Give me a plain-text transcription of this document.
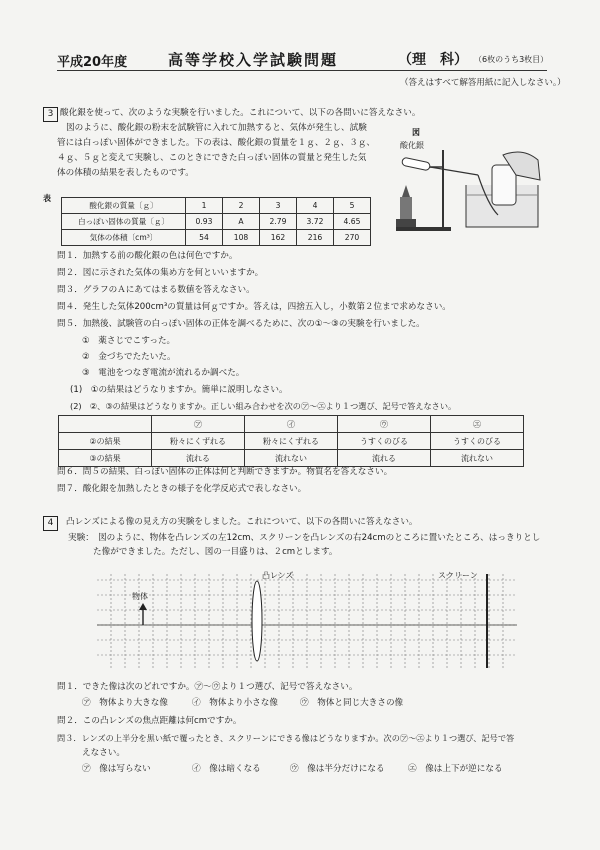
平成20年度	高等学校入学試験問題	（理　科） （6枚のうち3枚目）
（答えはすべて解答用紙に記入しなさい。）
3 酸化銀を使って、次のような実験を行いました。これについて、以下の各問いに答えなさい。
図のように、酸化銀の粉末を試験管に入れて加熱すると、気体が発生し、試験
管には白っぽい固体ができました。下の表は、酸化銀の質量を１ｇ、２ｇ、３ｇ、
４ｇ、５ｇと変えて実験し、このときにできた白っぽい固体の質量と発生した気
体の体積の結果を表したものです。
図
酸化銀
表
酸化銀の質量〔ｇ〕	1	2	3	4	5
白っぽい固体の質量〔ｇ〕	0.93	A	2.79	3.72	4.65
気体の体積〔cm³〕	54	108	162	216	270
問１．加熱する前の酸化銀の色は何色ですか。
問２．図に示された気体の集め方を何といいますか。
問３．グラフのＡにあてはまる数値を答えなさい。
問４．発生した気体200cm³の質量は何ｇですか。答えは，四捨五入し，小数第２位まで求めなさい。
問５．加熱後、試験管の白っぽい固体の正体を調べるために、次の①～③の実験を行いました。
①　薬さじでこすった。
②　金づちでたたいた。
③　電池をつなぎ電流が流れるか調べた。
(1)　①の結果はどうなりますか。簡単に説明しなさい。
(2)　②、③の結果はどうなりますか。正しい組み合わせを次の㋐～㋓より１つ選び、記号で答えなさい。
	㋐	㋑	㋒	㋓
②の結果	粉々にくずれる	粉々にくずれる	うすくのびる	うすくのびる
③の結果	流れる	流れない	流れる	流れない
問６．問５の結果、白っぽい固体の正体は何と判断できますか。物質名を答えなさい。
問７．酸化銀を加熱したときの様子を化学反応式で表しなさい。
4	凸レンズによる像の見え方の実験をしました。これについて、以下の各問いに答えなさい。
実験：　図のように、物体を凸レンズの左12cm、スクリーンを凸レンズの右24cmのところに置いたところ、はっきりとし
た像ができました。ただし、図の一目盛りは、２cmとします。
物体
凸レンズ	スクリーン
問１．できた像は次のどれですか。㋐～㋒より１つ選び、記号で答えなさい。
㋐　物体より大きな像	㋑　物体より小さな像	㋒　物体と同じ大きさの像
問２．この凸レンズの焦点距離は何cmですか。
問３．レンズの上半分を黒い紙で覆ったとき、スクリーンにできる像はどうなりますか。次の㋐～㋓より１つ選び、記号で答
えなさい。
㋐　像は写らない	㋑　像は暗くなる	㋒　像は半分だけになる	㋓　像は上下が逆になる
